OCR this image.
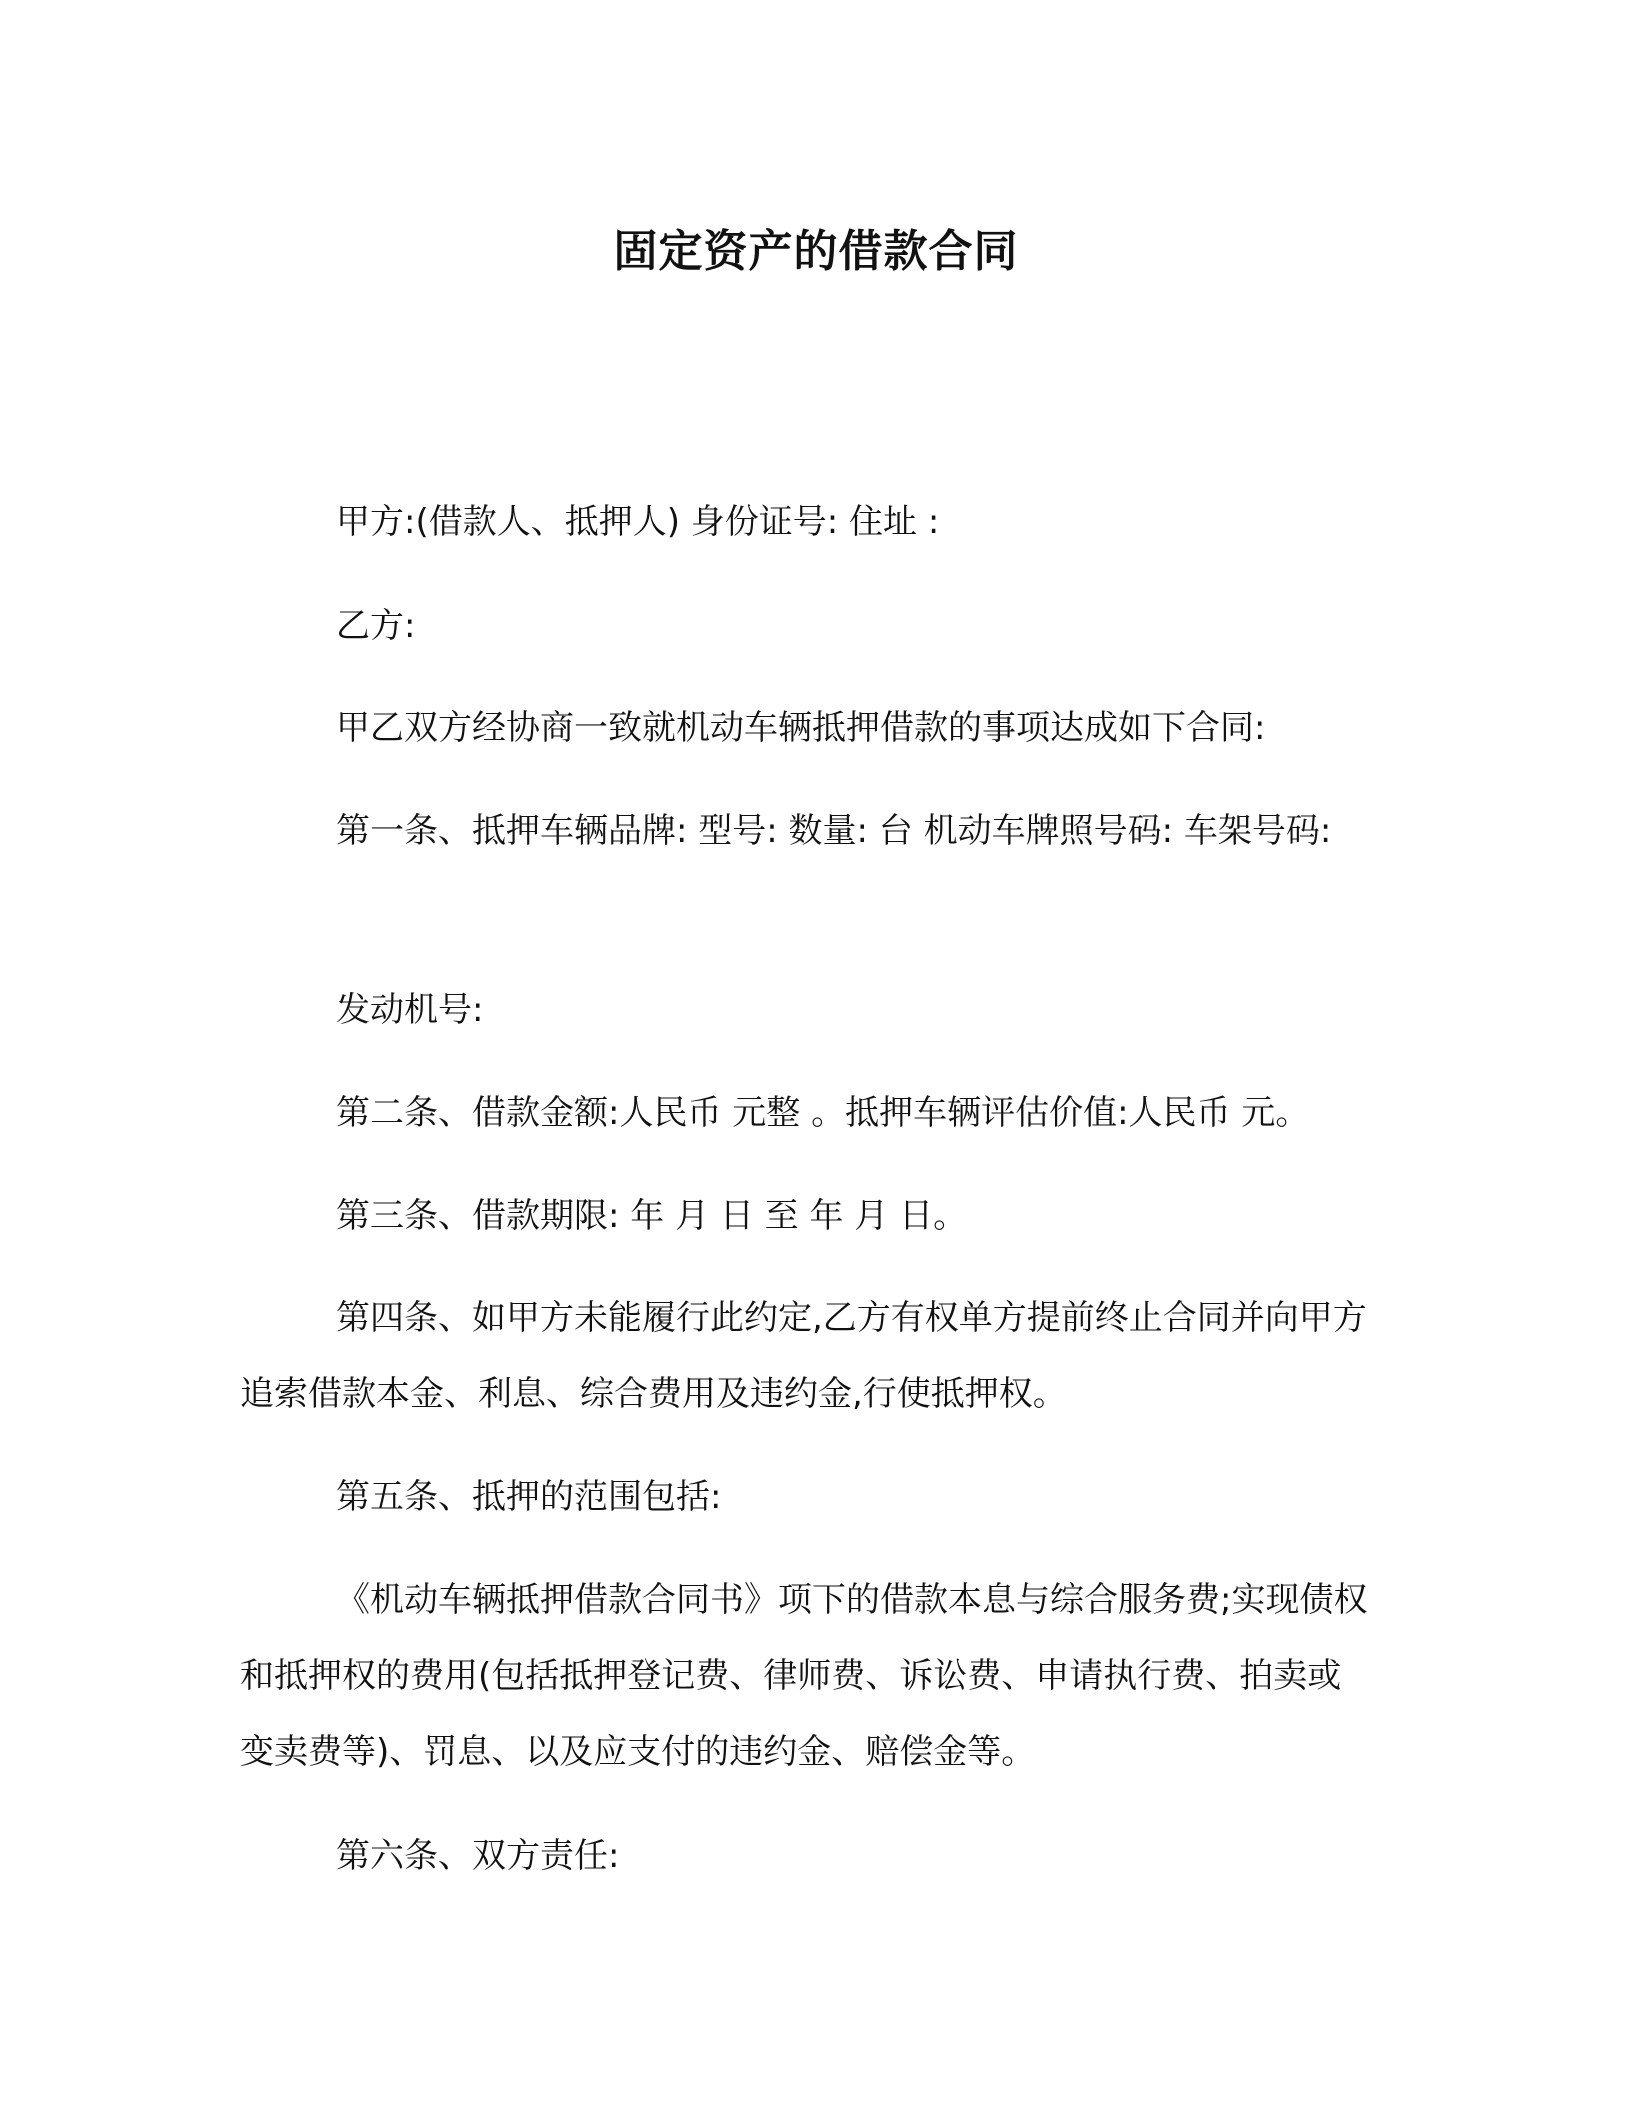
固定资产的借款合同

甲方:(借款人、抵押人) 身份证号: 住址 :

乙方:

甲乙双方经协商一致就机动车辆抵押借款的事项达成如下合同:

第一条、抵押车辆品牌: 型号: 数量: 台 机动车牌照号码: 车架号码:

发动机号:

第二条、借款金额:人民币 元整 。抵押车辆评估价值:人民币 元。

第三条、借款期限: 年 月 日 至 年 月 日。

第四条、如甲方未能履行此约定,乙方有权单方提前终止合同并向甲方追索借款本金、利息、综合费用及违约金,行使抵押权。

第五条、抵押的范围包括:

《机动车辆抵押借款合同书》项下的借款本息与综合服务费;实现债权和抵押权的费用(包括抵押登记费、律师费、诉讼费、申请执行费、拍卖或变卖费等)、罚息、以及应支付的违约金、赔偿金等。

第六条、双方责任:
